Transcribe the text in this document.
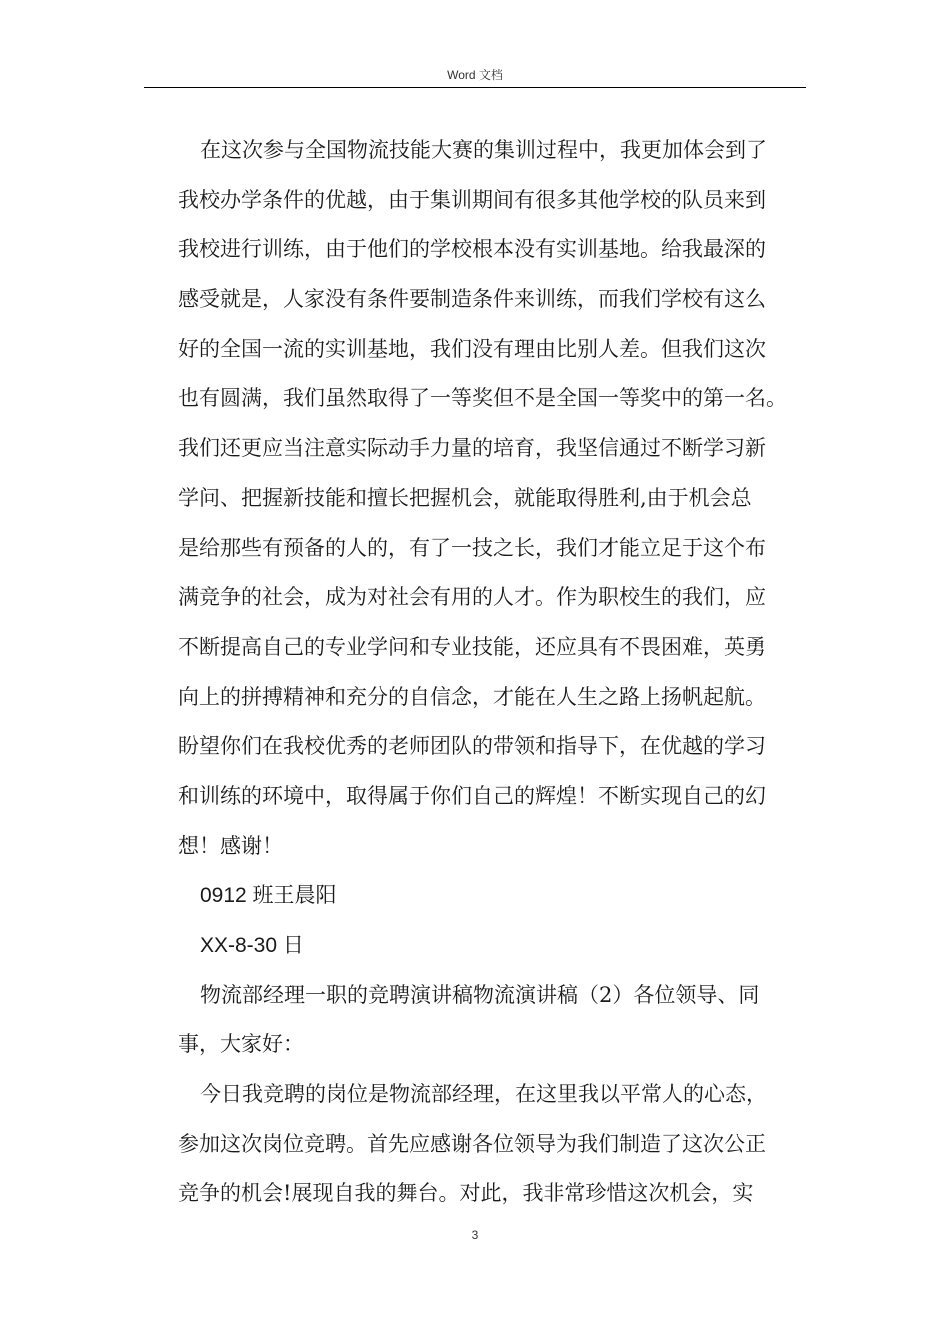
Word 文档
在这次参与全国物流技能大赛的集训过程中，我更加体会到了
我校办学条件的优越，由于集训期间有很多其他学校的队员来到
我校进行训练，由于他们的学校根本没有实训基地。给我最深的
感受就是，人家没有条件要制造条件来训练，而我们学校有这么
好的全国一流的实训基地，我们没有理由比别人差。但我们这次
也有圆满，我们虽然取得了一等奖但不是全国一等奖中的第一名。
我们还更应当注意实际动手力量的培育，我坚信通过不断学习新
学问、把握新技能和擅长把握机会，就能取得胜利,由于机会总
是给那些有预备的人的，有了一技之长，我们才能立足于这个布
满竞争的社会，成为对社会有用的人才。作为职校生的我们，应
不断提高自己的专业学问和专业技能，还应具有不畏困难，英勇
向上的拼搏精神和充分的自信念，才能在人生之路上扬帆起航。
盼望你们在我校优秀的老师团队的带领和指导下，在优越的学习
和训练的环境中，取得属于你们自己的辉煌！不断实现自己的幻
想！感谢！
0912 班王晨阳
XX-8-30 日
物流部经理一职的竞聘演讲稿物流演讲稿（2）各位领导、同
事，大家好：
今日我竞聘的岗位是物流部经理，在这里我以平常人的心态，
参加这次岗位竞聘。首先应感谢各位领导为我们制造了这次公正
竞争的机会!展现自我的舞台。对此，我非常珍惜这次机会，实
3
